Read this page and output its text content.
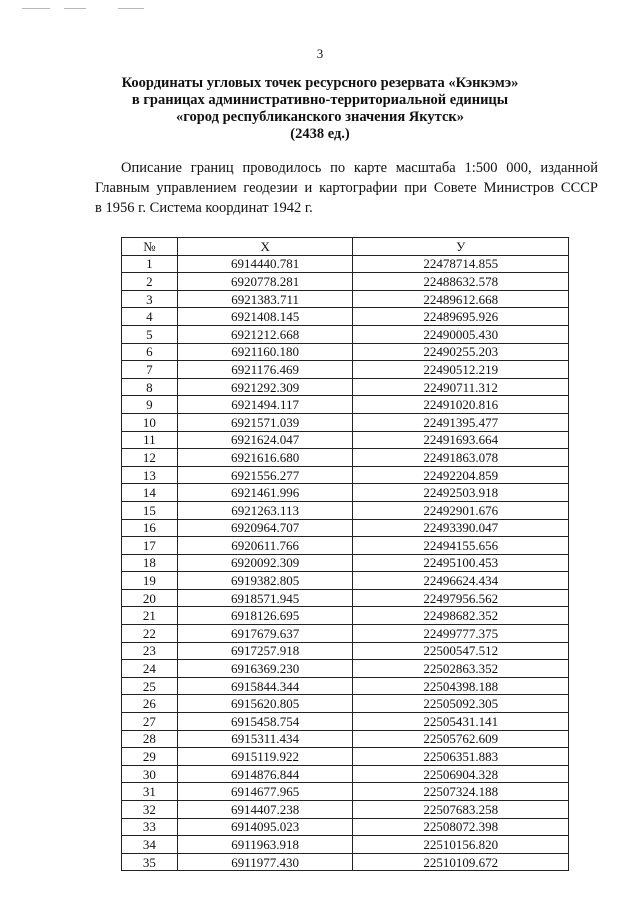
3
Координаты угловых точек ресурсного резервата «Кэнкэмэ»
в границах административно-территориальной единицы
«город республиканского значения Якутск»
(2438 ед.)
Описание границ проводилось по карте масштаба 1:500 000, изданной
Главным управлением геодезии и картографии при Совете Министров СССР
в 1956 г. Система координат 1942 г.
№	X	У
1	6914440.781	22478714.855
2	6920778.281	22488632.578
3	6921383.711	22489612.668
4	6921408.145	22489695.926
5	6921212.668	22490005.430
6	6921160.180	22490255.203
7	6921176.469	22490512.219
8	6921292.309	22490711.312
9	6921494.117	22491020.816
10	6921571.039	22491395.477
11	6921624.047	22491693.664
12	6921616.680	22491863.078
13	6921556.277	22492204.859
14	6921461.996	22492503.918
15	6921263.113	22492901.676
16	6920964.707	22493390.047
17	6920611.766	22494155.656
18	6920092.309	22495100.453
19	6919382.805	22496624.434
20	6918571.945	22497956.562
21	6918126.695	22498682.352
22	6917679.637	22499777.375
23	6917257.918	22500547.512
24	6916369.230	22502863.352
25	6915844.344	22504398.188
26	6915620.805	22505092.305
27	6915458.754	22505431.141
28	6915311.434	22505762.609
29	6915119.922	22506351.883
30	6914876.844	22506904.328
31	6914677.965	22507324.188
32	6914407.238	22507683.258
33	6914095.023	22508072.398
34	6911963.918	22510156.820
35	6911977.430	22510109.672
